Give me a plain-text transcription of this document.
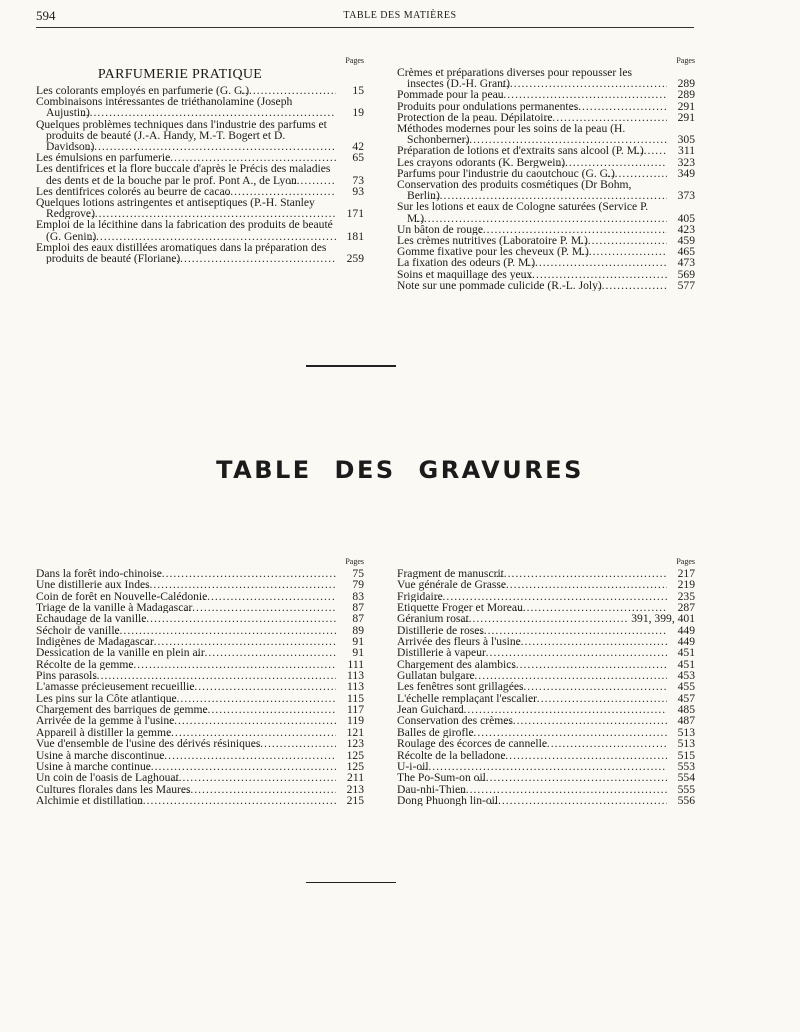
594	TABLE DES MATIÈRES
Pages
PARFUMERIE PRATIQUE
Les colorants employés en parfumerie (G. G.) .....	15
Combinaisons intéressantes de triéthanolamine (Joseph Aujustin) .....	19
Quelques problèmes techniques dans l'industrie des parfums et produits de beauté (J.-A. Handy, M.-T. Bogert et D. Davidson) .....	42
Les émulsions en parfumerie .....	65
Les dentifrices et la flore buccale d'après le Précis des maladies des dents et de la bouche par le prof. Pont A., de Lyon .....	73
Les dentifrices colorés au beurre de cacao .....	93
Quelques lotions astringentes et antiseptiques (P.-H. Stanley Redgrove) .....	171
Emploi de la lécithine dans la fabrication des produits de beauté (G. Genin) .....	181
Emploi des eaux distillées aromatiques dans la préparation des produits de beauté (Floriane) .....	259
Pages
Crèmes et préparations diverses pour repousser les insectes (D.-H. Grant) .....	289
Pommade pour la peau .....	289
Produits pour ondulations permanentes .....	291
Protection de la peau. Dépilatoire .....	291
Méthodes modernes pour les soins de la peau (H. Schonberner) .....	305
Préparation de lotions et d'extraits sans alcool (P. M.) .....	311
Les crayons odorants (K. Bergwein) .....	323
Parfums pour l'industrie du caoutchouc (G. G.) .....	349
Conservation des produits cosmétiques (Dr Bohm, Berlin) .....	373
Sur les lotions et eaux de Cologne saturées (Service P. M.) .....	405
Un bâton de rouge .....	423
Les crèmes nutritives (Laboratoire P. M.) .....	459
Gomme fixative pour les cheveux (P. M.) .....	465
La fixation des odeurs (P. M.) .....	473
Soins et maquillage des yeux .....	569
Note sur une pommade culicide (R.-L. Joly) .....	577
TABLE DES GRAVURES
Pages
Dans la forêt indo-chinoise .....	75
Une distillerie aux Indes .....	79
Coin de forêt en Nouvelle-Calédonie .....	83
Triage de la vanille à Madagascar .....	87
Echaudage de la vanille .....	87
Séchoir de vanille .....	89
Indigènes de Madagascar .....	91
Dessication de la vanille en plein air .....	91
Récolte de la gemme .....	111
Pins parasols .....	113
L'amasse précieusement recueillie .....	113
Les pins sur la Côte atlantique .....	115
Chargement des barriques de gemme .....	117
Arrivée de la gemme à l'usine .....	119
Appareil à distiller la gemme .....	121
Vue d'ensemble de l'usine des dérivés résiniques .....	123
Usine à marche discontinue .....	125
Usine à marche continue .....	125
Un coin de l'oasis de Laghouat .....	211
Cultures florales dans les Maures .....	213
Alchimie et distillation .....	215
Pages
Fragment de manuscrit .....	217
Vue générale de Grasse .....	219
Frigidaire .....	235
Etiquette Froger et Moreau .....	287
Géranium rosat .....	391, 399, 401
Distillerie de roses .....	449
Arrivée des fleurs à l'usine .....	449
Distillerie à vapeur .....	451
Chargement des alambics .....	451
Gullatan bulgare .....	453
Les fenêtres sont grillagées .....	455
L'échelle remplaçant l'escalier .....	457
Jean Guichard .....	485
Conservation des crèmes .....	487
Balles de girofle .....	513
Roulage des écorces de cannelle .....	513
Récolte de la belladone .....	515
U-i-oil .....	553
The Po-Sum-on oil .....	554
Dau-nhi-Thien .....	555
Dong Phuongh lin-oil .....	556
